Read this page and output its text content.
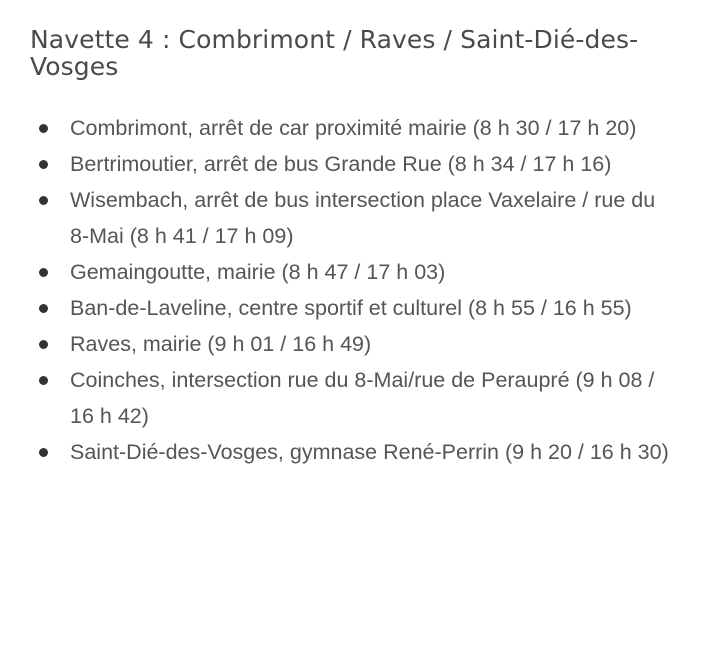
Navette 4 : Combrimont / Raves / Saint-Dié-des-Vosges
Combrimont, arrêt de car proximité mairie (8 h 30 / 17 h 20)
Bertrimoutier, arrêt de bus Grande Rue (8 h 34 / 17 h 16)
Wisembach, arrêt de bus intersection place Vaxelaire / rue du 8-Mai (8 h 41 / 17 h 09)
Gemaingoutte, mairie (8 h 47 / 17 h 03)
Ban-de-Laveline, centre sportif et culturel (8 h 55 / 16 h 55)
Raves, mairie (9 h 01 / 16 h 49)
Coinches, intersection rue du 8-Mai/rue de Peraupré (9 h 08 / 16 h 42)
Saint-Dié-des-Vosges, gymnase René-Perrin (9 h 20 / 16 h 30)
